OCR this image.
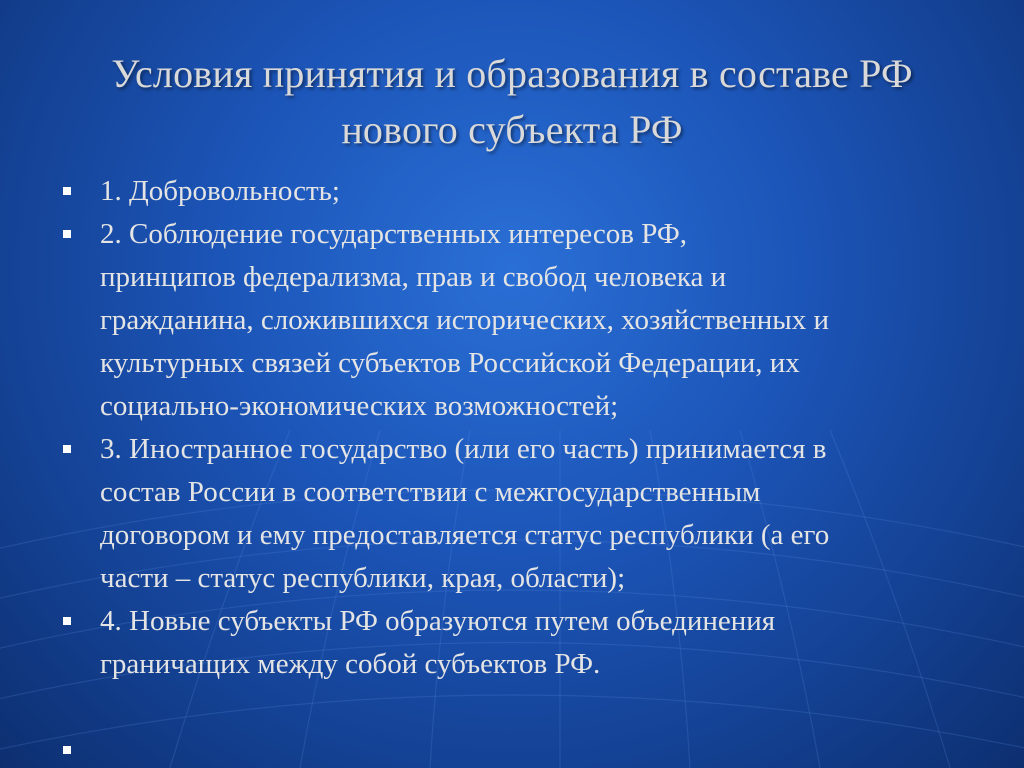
Условия принятия и образования в составе РФ
нового субъекта РФ
1. Добровольность;
2. Соблюдение государственных интересов РФ,
принципов федерализма, прав и свобод человека и
гражданина, сложившихся исторических, хозяйственных и
культурных связей субъектов Российской Федерации, их
социально-экономических возможностей;
3. Иностранное государство (или его часть) принимается в
состав России в соответствии с межгосударственным
договором и ему предоставляется статус республики (а его
части – статус республики, края, области);
4. Новые субъекты РФ образуются путем объединения
граничащих между собой субъектов РФ.
